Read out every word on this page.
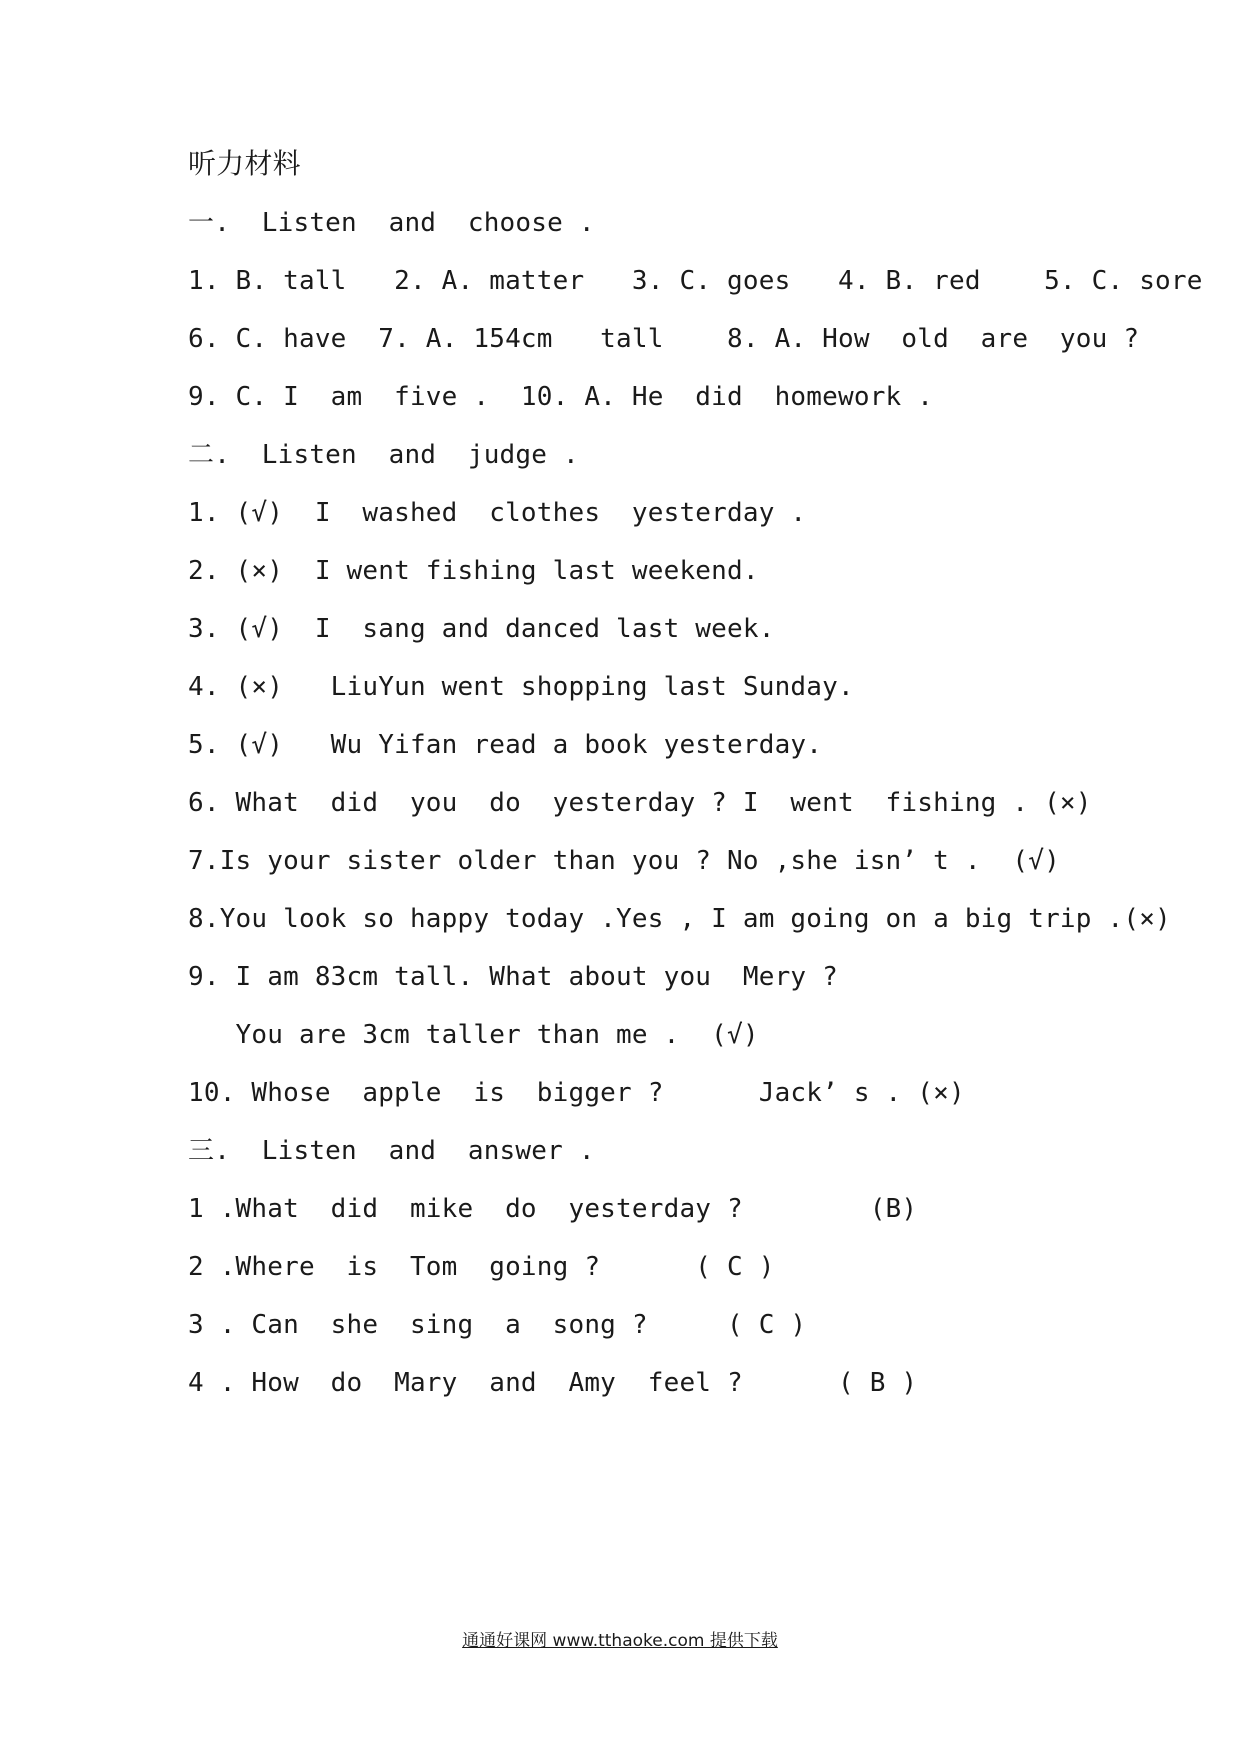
听力材料
一.  Listen  and  choose .
1. B. tall   2. A. matter   3. C. goes   4. B. red    5. C. sore
6. C. have  7. A. 154cm   tall    8. A. How  old  are  you ?
9. C. I  am  five .  10. A. He  did  homework .
二.  Listen  and  judge .
1. (√)  I  washed  clothes  yesterday .
2. (×)  I went fishing last weekend.
3. (√)  I  sang and danced last week.
4. (×)   LiuYun went shopping last Sunday.
5. (√)   Wu Yifan read a book yesterday.
6. What  did  you  do  yesterday ? I  went  fishing . (×)
7.Is your sister older than you ? No ,she isn’ t .  (√)
8.You look so happy today .Yes , I am going on a big trip .(×)
9. I am 83cm tall. What about you  Mery ?
You are 3cm taller than me .  (√)
10. Whose  apple  is  bigger ?      Jack’ s . (×)
三.  Listen  and  answer .
1 .What  did  mike  do  yesterday ?        (B)
2 .Where  is  Tom  going ?      ( C )
3 . Can  she  sing  a  song ?     ( C )
4 . How  do  Mary  and  Amy  feel ?      ( B )
通通好课网 www.tthaoke.com 提供下载
